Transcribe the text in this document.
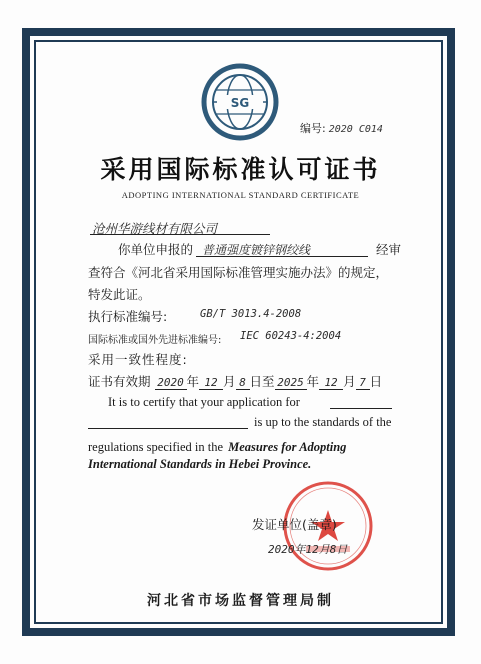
SG
编号: 2020 C014
采用国际标准认可证书
ADOPTING INTERNATIONAL STANDARD CERTIFICATE
沧州华游线材有限公司
你单位申报的 普通强度镀锌钢绞线	经审
查符合《河北省采用国际标准管理实施办法》的规定，
特发此证。
执行标准编号:	GB/T 3013.4-2008
国际标准或国外先进标准编号: IEC 60243-4:2004
采用一致性程度:
证书有效期 2020 年 12 月 8 日至 2025 年 12 月 7 日
It is to certify that your application for
is up to the standards of the
regulations specified in the Measures for Adopting
International Standards in Hebei Province.
发证单位(盖章)
2020年12月8日
河北省市场监督管理局制
